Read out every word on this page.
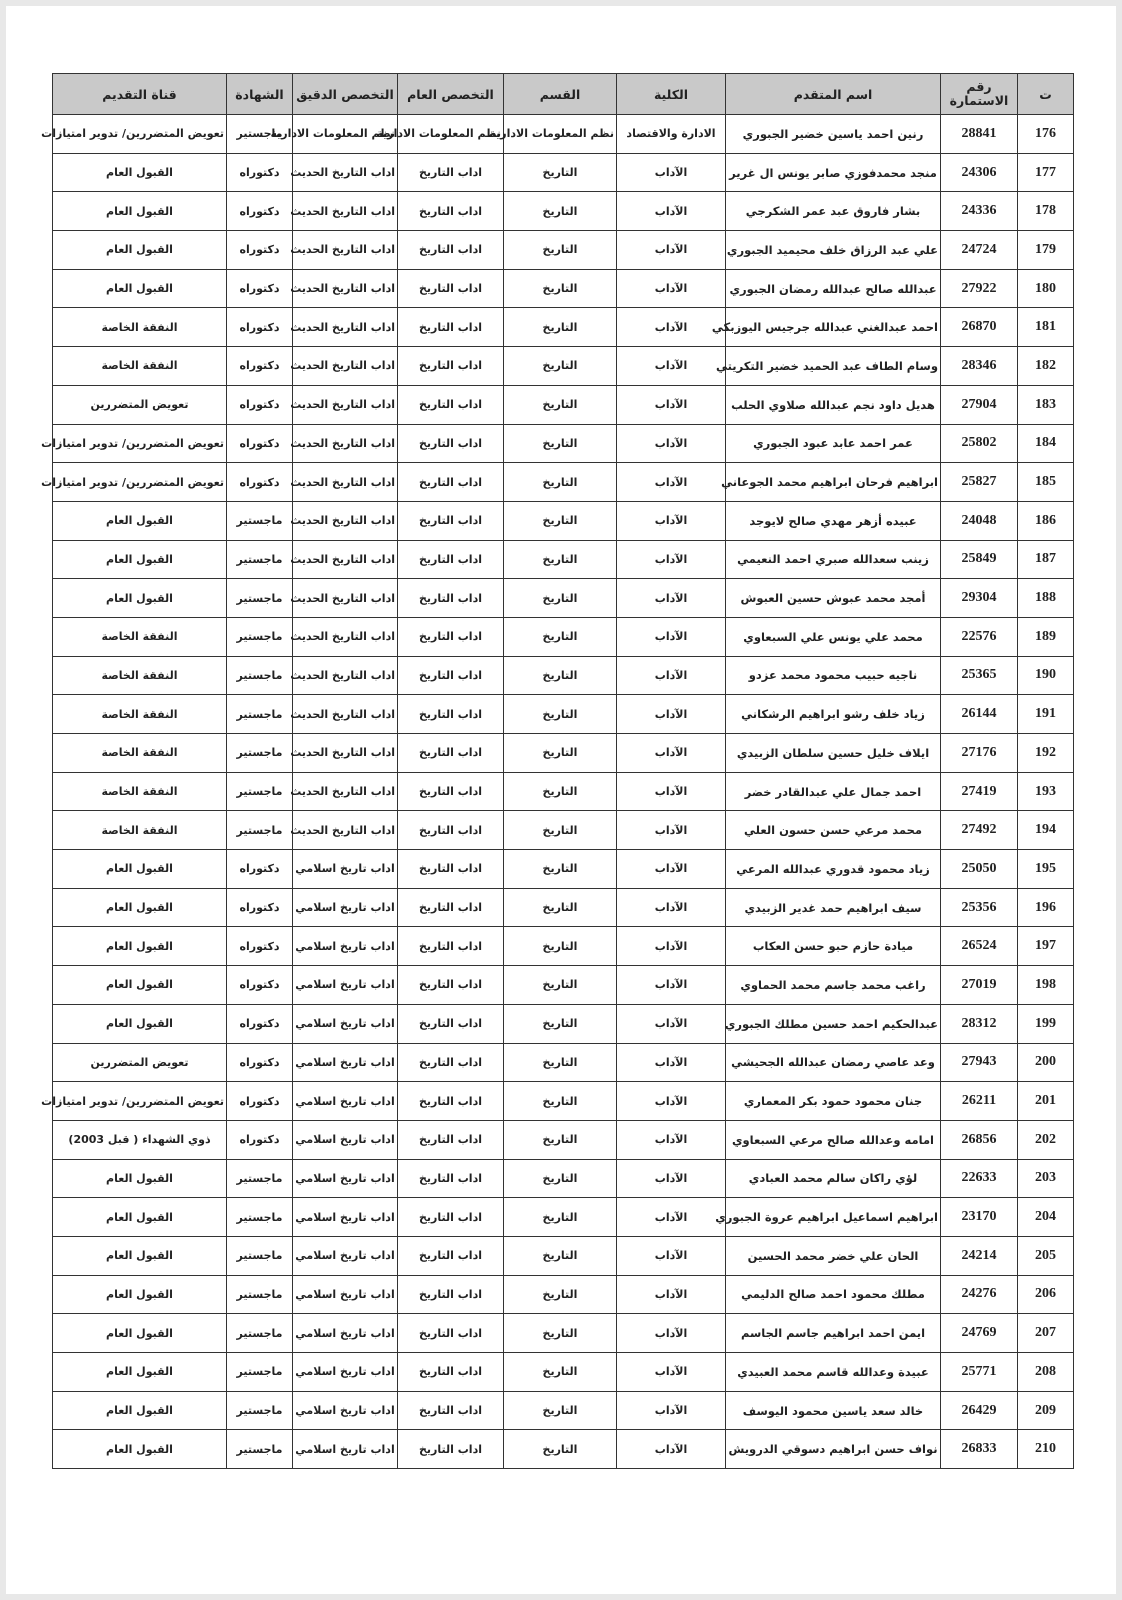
ت	رقم الاستمارة	اسم المتقدم	الكلية	القسم	التخصص العام	التخصص الدقيق	الشهادة	قناة التقديم
176	28841	رنين احمد ياسين خضير الجبوري	الادارة والاقتصاد	نظم المعلومات الادارية	نظم المعلومات الادارية	نظم المعلومات الادارية	ماجستير	تعويض المتضررين/ تدوير امتيازات
177	24306	منجد محمدفوزي صابر يونس ال غرير	الآداب	التاريخ	اداب التاريخ	اداب التاريخ الحديث	دكتوراه	القبول العام
178	24336	بشار فاروق عبد عمر الشكرجي	الآداب	التاريخ	اداب التاريخ	اداب التاريخ الحديث	دكتوراه	القبول العام
179	24724	علي عبد الرزاق خلف محيميد الجبوري	الآداب	التاريخ	اداب التاريخ	اداب التاريخ الحديث	دكتوراه	القبول العام
180	27922	عبدالله صالح عبدالله رمضان الجبوري	الآداب	التاريخ	اداب التاريخ	اداب التاريخ الحديث	دكتوراه	القبول العام
181	26870	احمد عبدالغني عبدالله جرجيس اليوزبكي	الآداب	التاريخ	اداب التاريخ	اداب التاريخ الحديث	دكتوراه	النفقة الخاصة
182	28346	وسام الطاف عبد الحميد خضير التكريتي	الآداب	التاريخ	اداب التاريخ	اداب التاريخ الحديث	دكتوراه	النفقة الخاصة
183	27904	هديل داود نجم عبدالله صلاوي الحلب	الآداب	التاريخ	اداب التاريخ	اداب التاريخ الحديث	دكتوراه	تعويض المتضررين
184	25802	عمر احمد عابد عبود الجبوري	الآداب	التاريخ	اداب التاريخ	اداب التاريخ الحديث	دكتوراه	تعويض المتضررين/ تدوير امتيازات
185	25827	ابراهيم فرحان ابراهيم محمد الجوعاني	الآداب	التاريخ	اداب التاريخ	اداب التاريخ الحديث	دكتوراه	تعويض المتضررين/ تدوير امتيازات
186	24048	عبيده أزهر مهدي صالح لايوجد	الآداب	التاريخ	اداب التاريخ	اداب التاريخ الحديث	ماجستير	القبول العام
187	25849	زينب سعدالله صبري احمد النعيمي	الآداب	التاريخ	اداب التاريخ	اداب التاريخ الحديث	ماجستير	القبول العام
188	29304	أمجد محمد عبوش حسين العبوش	الآداب	التاريخ	اداب التاريخ	اداب التاريخ الحديث	ماجستير	القبول العام
189	22576	محمد علي يونس علي السبعاوي	الآداب	التاريخ	اداب التاريخ	اداب التاريخ الحديث	ماجستير	النفقة الخاصة
190	25365	ناجيه حبيب محمود محمد عزدو	الآداب	التاريخ	اداب التاريخ	اداب التاريخ الحديث	ماجستير	النفقة الخاصة
191	26144	زياد خلف رشو ابراهيم الرشكاني	الآداب	التاريخ	اداب التاريخ	اداب التاريخ الحديث	ماجستير	النفقة الخاصة
192	27176	ايلاف خليل حسين سلطان الزبيدي	الآداب	التاريخ	اداب التاريخ	اداب التاريخ الحديث	ماجستير	النفقة الخاصة
193	27419	احمد جمال علي عبدالقادر خضر	الآداب	التاريخ	اداب التاريخ	اداب التاريخ الحديث	ماجستير	النفقة الخاصة
194	27492	محمد مرعي حسن حسون العلي	الآداب	التاريخ	اداب التاريخ	اداب التاريخ الحديث	ماجستير	النفقة الخاصة
195	25050	زياد محمود قدوري عبدالله المرعي	الآداب	التاريخ	اداب التاريخ	اداب تاريخ اسلامي	دكتوراه	القبول العام
196	25356	سيف ابراهيم حمد غدير الزبيدي	الآداب	التاريخ	اداب التاريخ	اداب تاريخ اسلامي	دكتوراه	القبول العام
197	26524	ميادة حازم حبو حسن العكاب	الآداب	التاريخ	اداب التاريخ	اداب تاريخ اسلامي	دكتوراه	القبول العام
198	27019	راغب محمد جاسم محمد الحماوي	الآداب	التاريخ	اداب التاريخ	اداب تاريخ اسلامي	دكتوراه	القبول العام
199	28312	عبدالحكيم احمد حسين مطلك الجبوري	الآداب	التاريخ	اداب التاريخ	اداب تاريخ اسلامي	دكتوراه	القبول العام
200	27943	وعد عاصي رمضان عبدالله الجحيشي	الآداب	التاريخ	اداب التاريخ	اداب تاريخ اسلامي	دكتوراه	تعويض المتضررين
201	26211	جنان محمود حمود بكر المعماري	الآداب	التاريخ	اداب التاريخ	اداب تاريخ اسلامي	دكتوراه	تعويض المتضررين/ تدوير امتيازات
202	26856	امامه وعدالله صالح مرعي السبعاوي	الآداب	التاريخ	اداب التاريخ	اداب تاريخ اسلامي	دكتوراه	ذوي الشهداء ( قبل 2003)
203	22633	لؤي راكان سالم محمد العبادي	الآداب	التاريخ	اداب التاريخ	اداب تاريخ اسلامي	ماجستير	القبول العام
204	23170	ابراهيم اسماعيل ابراهيم عروة الجبوري	الآداب	التاريخ	اداب التاريخ	اداب تاريخ اسلامي	ماجستير	القبول العام
205	24214	الحان علي خضر محمد الحسين	الآداب	التاريخ	اداب التاريخ	اداب تاريخ اسلامي	ماجستير	القبول العام
206	24276	مطلك محمود احمد صالح الدليمي	الآداب	التاريخ	اداب التاريخ	اداب تاريخ اسلامي	ماجستير	القبول العام
207	24769	ايمن احمد ابراهيم جاسم الجاسم	الآداب	التاريخ	اداب التاريخ	اداب تاريخ اسلامي	ماجستير	القبول العام
208	25771	عبيدة وعدالله قاسم محمد العبيدي	الآداب	التاريخ	اداب التاريخ	اداب تاريخ اسلامي	ماجستير	القبول العام
209	26429	خالد سعد ياسين محمود اليوسف	الآداب	التاريخ	اداب التاريخ	اداب تاريخ اسلامي	ماجستير	القبول العام
210	26833	نواف حسن ابراهيم دسوقي الدرويش	الآداب	التاريخ	اداب التاريخ	اداب تاريخ اسلامي	ماجستير	القبول العام
